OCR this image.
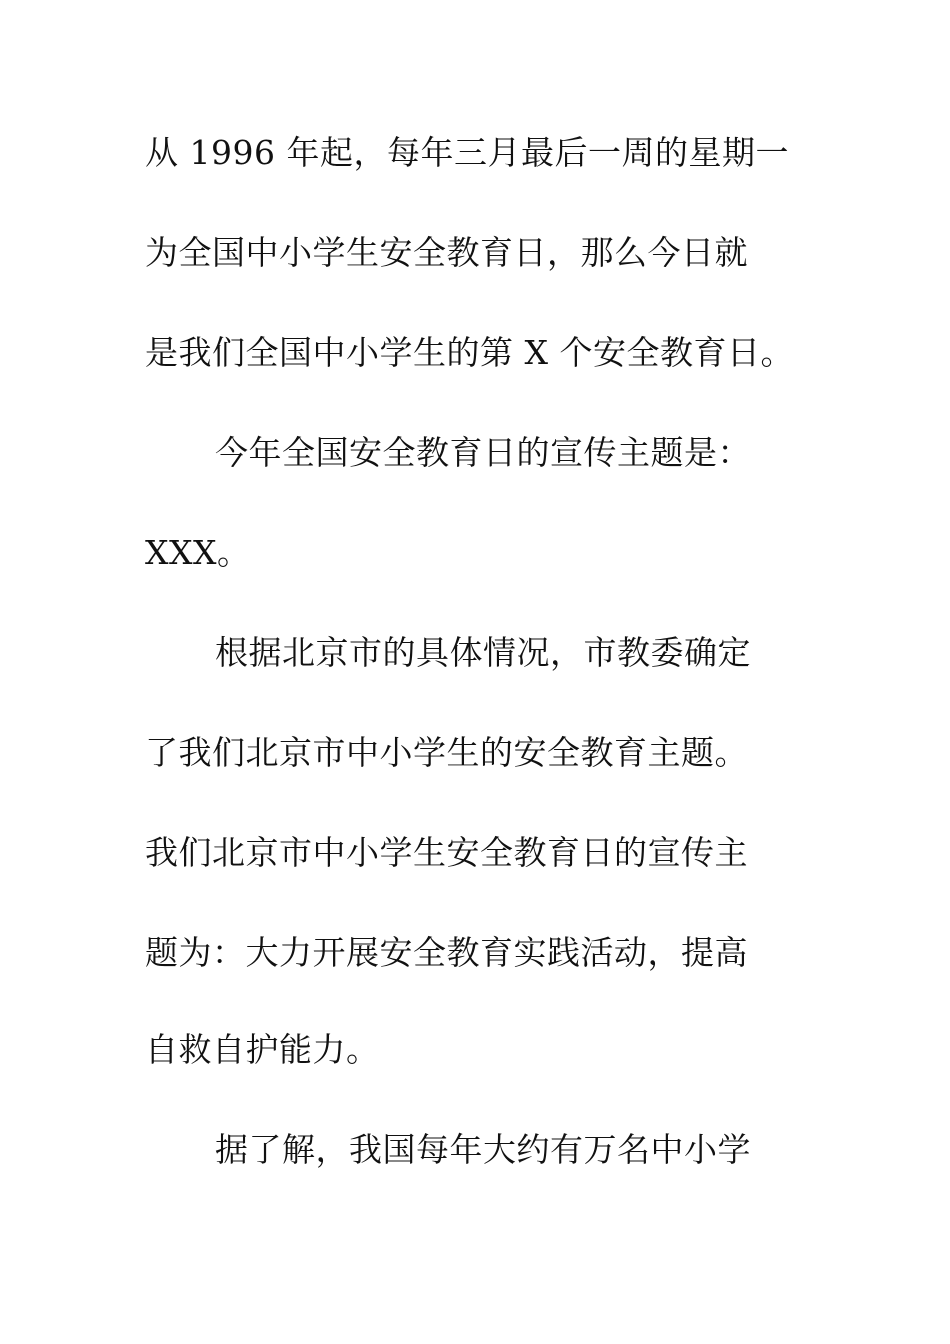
从 1996 年起，每年三月最后一周的星期一
为全国中小学生安全教育日，那么今日就
是我们全国中小学生的第 X 个安全教育日。
今年全国安全教育日的宣传主题是：
XXX。
根据北京市的具体情况，市教委确定
了我们北京市中小学生的安全教育主题。
我们北京市中小学生安全教育日的宣传主
题为：大力开展安全教育实践活动，提高
自救自护能力。
据了解，我国每年大约有万名中小学
